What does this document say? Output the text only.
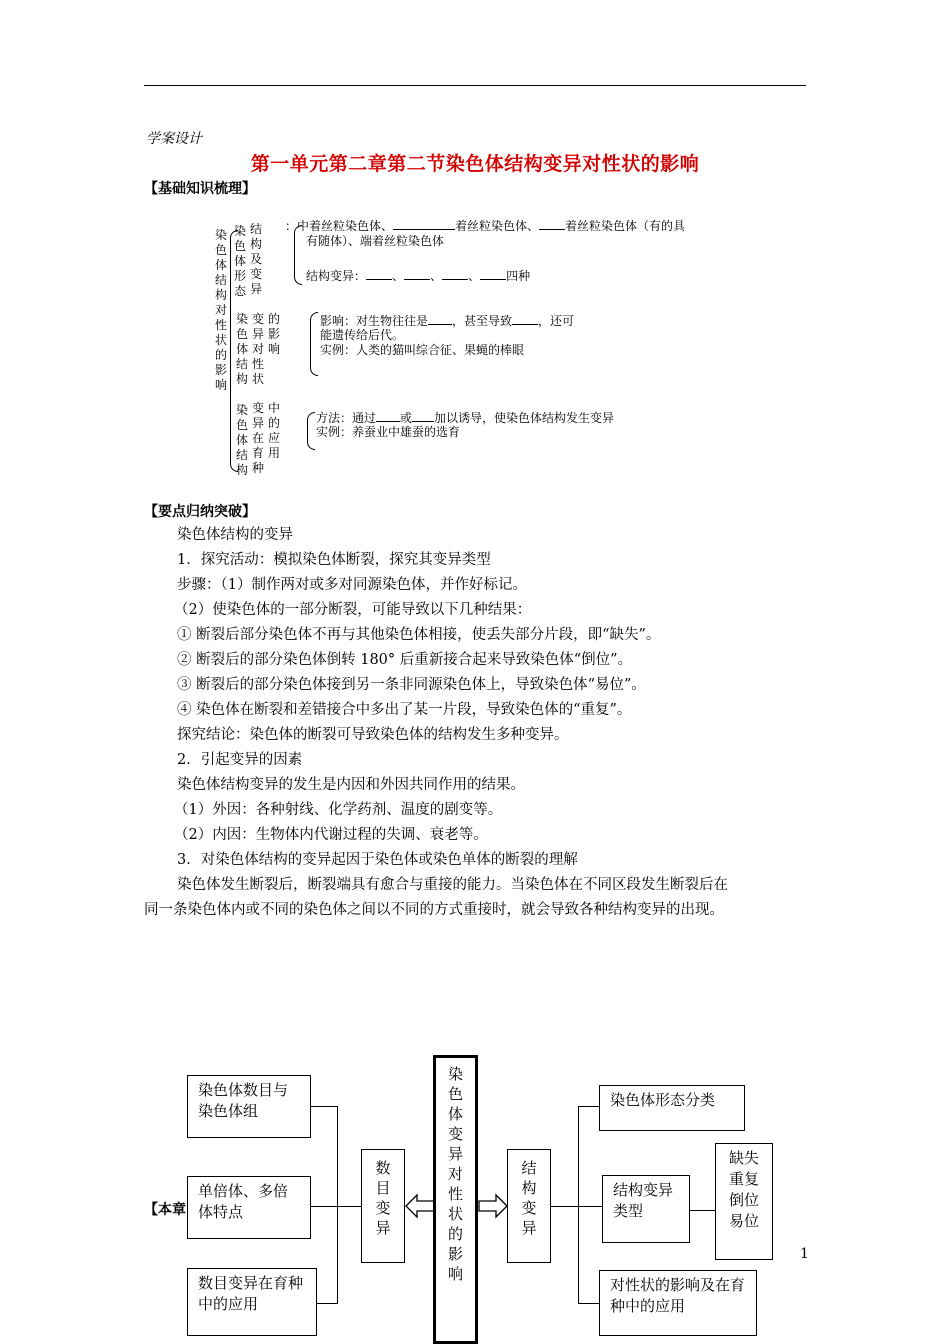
学案设计
第一单元第二章第二节染色体结构变异对性状的影响
【基础知识梳理】
染色体结构对性状的影响
染色体形态
结构及变异
：中着丝粒染色体、	着丝粒染色体、 着丝粒染色体（有的具
有随体）、端着丝粒染色体
结构变异： 、 、 、 四种
染色体结构
变异对性状
的影响
影响：对生物往往是 ，甚至导致 ，还可
能遗传给后代。
实例：人类的猫叫综合征、果蝇的棒眼
染色体结构
变异在育种
中的应用
方法：通过 或 加以诱导，使染色体结构发生变异
实例：养蚕业中雄蚕的选育
【要点归纳突破】
染色体结构的变异
1．探究活动：模拟染色体断裂，探究其变异类型
步骤：（1）制作两对或多对同源染色体，并作好标记。
（2）使染色体的一部分断裂，可能导致以下几种结果：
① 断裂后部分染色体不再与其他染色体相接，使丢失部分片段，即“缺失”。
② 断裂后的部分染色体倒转 180° 后重新接合起来导致染色体“倒位”。
③ 断裂后的部分染色体接到另一条非同源染色体上，导致染色体“易位”。
④ 染色体在断裂和差错接合中多出了某一片段，导致染色体的“重复”。
探究结论：染色体的断裂可导致染色体的结构发生多种变异。
2．引起变异的因素
染色体结构变异的发生是内因和外因共同作用的结果。
（1）外因：各种射线、化学药剂、温度的剧变等。
（2）内因：生物体内代谢过程的失调、衰老等。
3．对染色体结构的变异起因于染色体或染色单体的断裂的理解
染色体发生断裂后，断裂端具有愈合与重接的能力。当染色体在不同区段发生断裂后在
同一条染色体内或不同的染色体之间以不同的方式重接时，就会导致各种结构变异的出现。
【本章
染色体数目与染色体组
单倍体、多倍体特点
数目变异在育种中的应用
数目变异
染色体变异对性状的影响
结构变异
染色体形态分类
结构变异类型
缺失
重复
倒位
易位
对性状的影响及在育种中的应用
1
